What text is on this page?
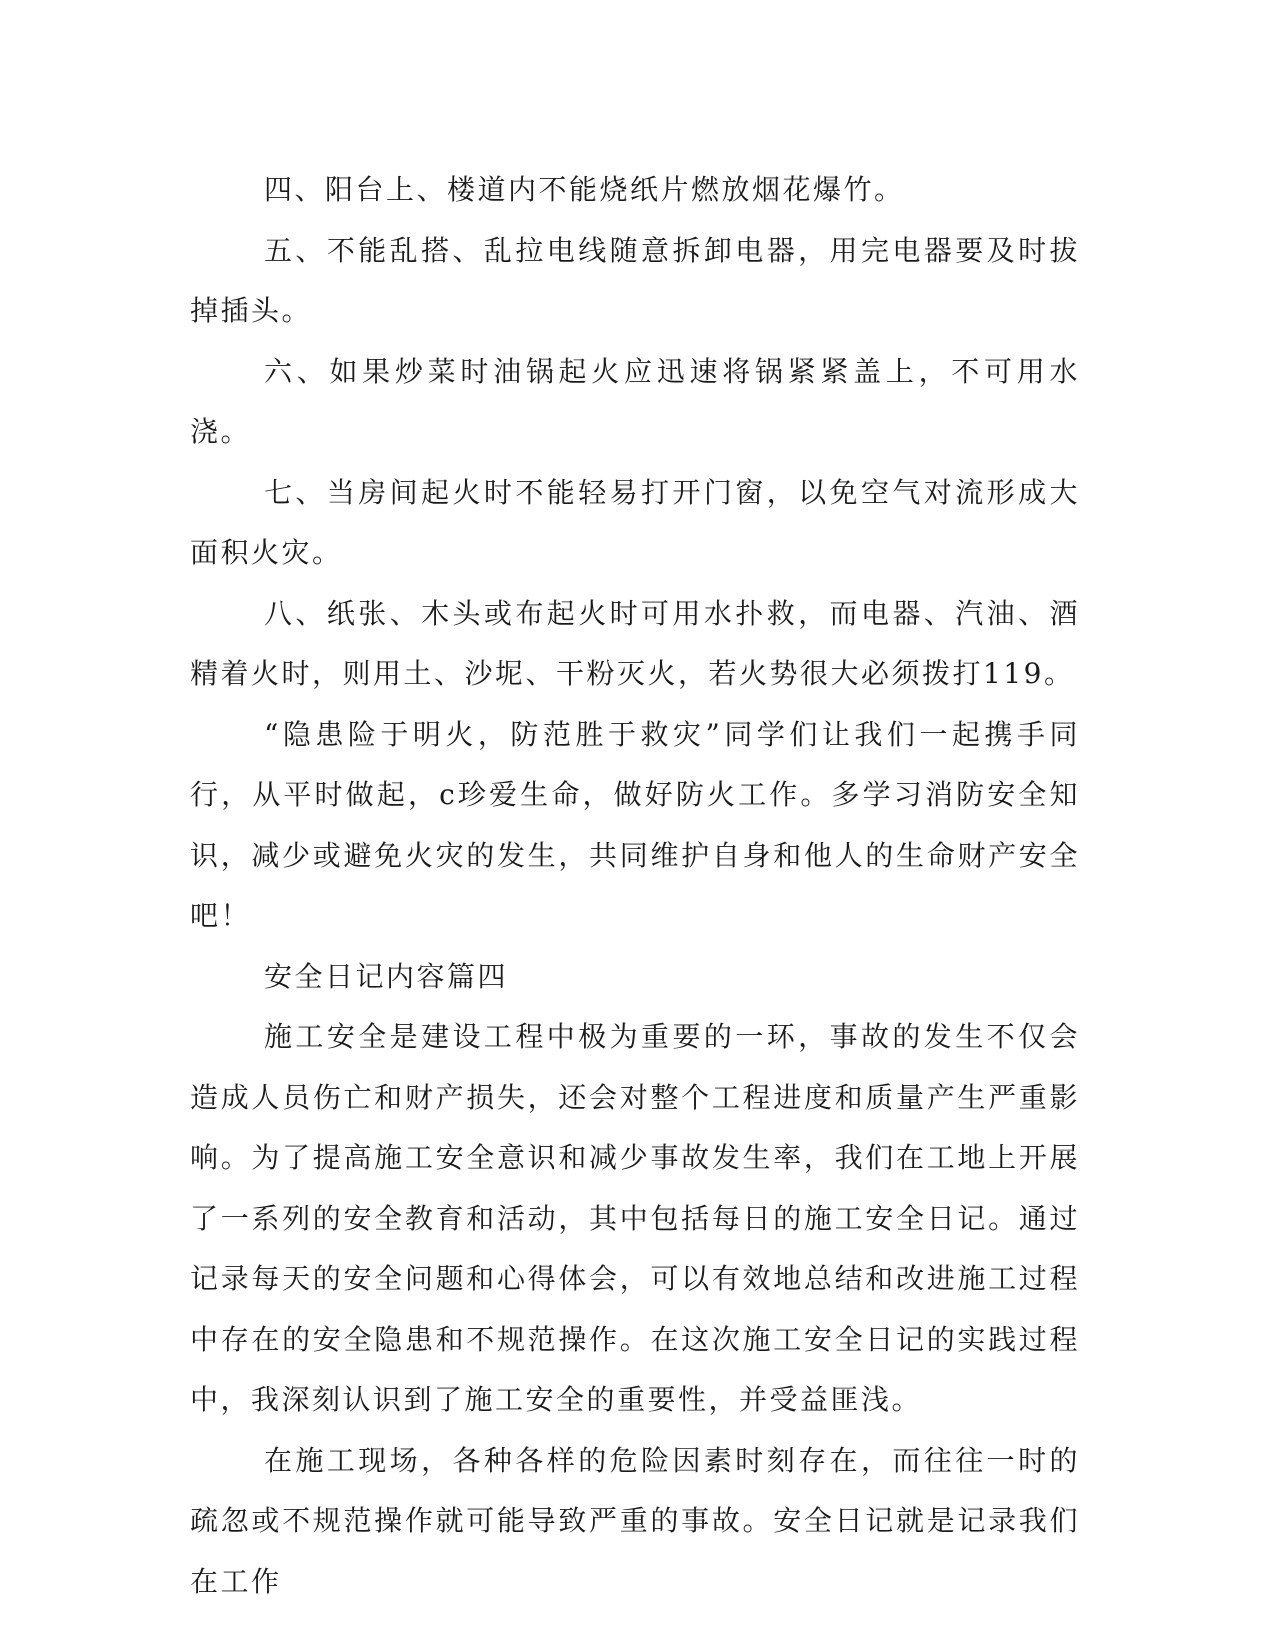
四、阳台上、楼道内不能烧纸片燃放烟花爆竹。

五、不能乱搭、乱拉电线随意拆卸电器，用完电器要及时拔掉插头。

六、如果炒菜时油锅起火应迅速将锅紧紧盖上，不可用水浇。

七、当房间起火时不能轻易打开门窗，以免空气对流形成大面积火灾。

八、纸张、木头或布起火时可用水扑救，而电器、汽油、酒精着火时，则用土、沙坭、干粉灭火，若火势很大必须拨打119。

“隐患险于明火，防范胜于救灾”同学们让我们一起携手同行，从平时做起，c珍爱生命，做好防火工作。多学习消防安全知识，减少或避免火灾的发生，共同维护自身和他人的生命财产安全吧！

安全日记内容篇四

施工安全是建设工程中极为重要的一环，事故的发生不仅会造成人员伤亡和财产损失，还会对整个工程进度和质量产生严重影响。为了提高施工安全意识和减少事故发生率，我们在工地上开展了一系列的安全教育和活动，其中包括每日的施工安全日记。通过记录每天的安全问题和心得体会，可以有效地总结和改进施工过程中存在的安全隐患和不规范操作。在这次施工安全日记的实践过程中，我深刻认识到了施工安全的重要性，并受益匪浅。

在施工现场，各种各样的危险因素时刻存在，而往往一时的疏忽或不规范操作就可能导致严重的事故。安全日记就是记录我们在工作
